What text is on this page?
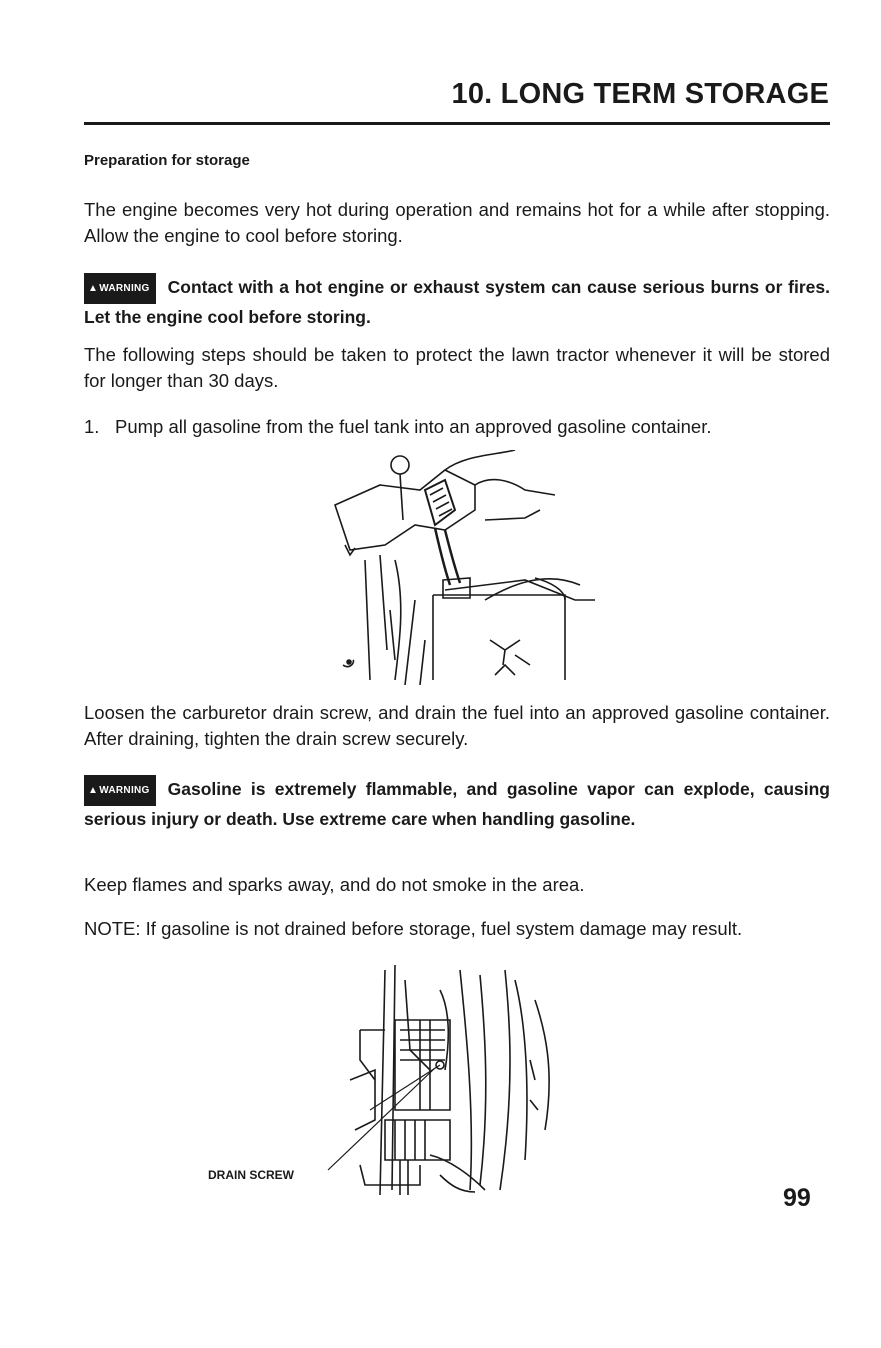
10. LONG TERM STORAGE
Preparation for storage

The engine becomes very hot during operation and remains hot for a while after stopping. Allow the engine to cool before storing.

▲WARNING Contact with a hot engine or exhaust system can cause serious burns or fires. Let the engine cool before storing.

The following steps should be taken to protect the lawn tractor whenever it will be stored for longer than 30 days.

1. Pump all gasoline from the fuel tank into an approved gasoline container.

Loosen the carburetor drain screw, and drain the fuel into an approved gasoline container. After draining, tighten the drain screw securely.

▲WARNING Gasoline is extremely flammable, and gasoline vapor can explode, causing serious injury or death. Use extreme care when handling gasoline.

Keep flames and sparks away, and do not smoke in the area.

NOTE: If gasoline is not drained before storage, fuel system damage may result.

DRAIN SCREW
99
